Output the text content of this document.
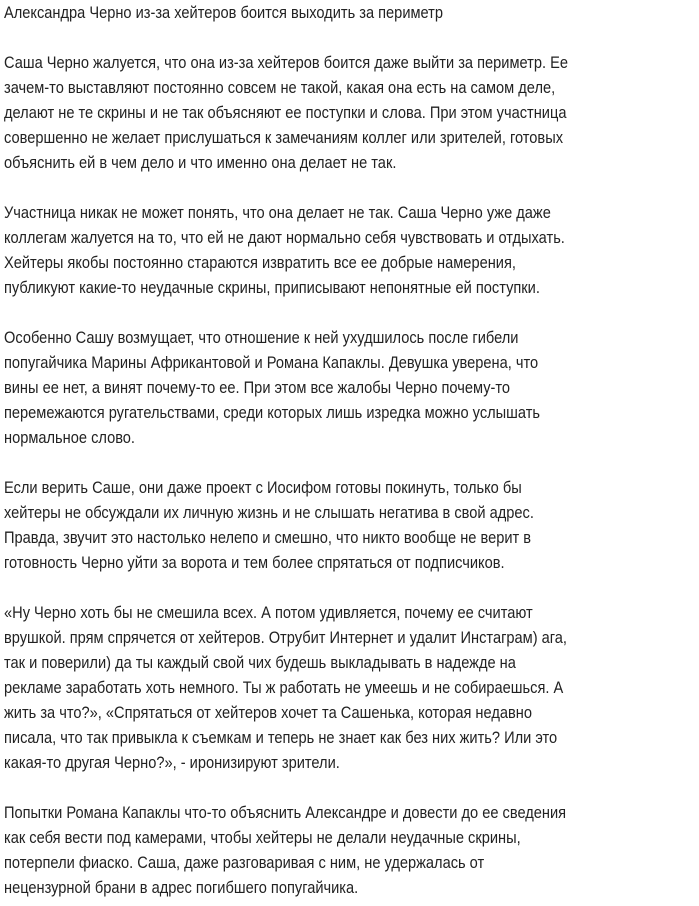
Александра Черно из-за хейтеров боится выходить за периметр
Саша Черно жалуется, что она из-за хейтеров боится даже выйти за периметр. Ее
зачем-то выставляют постоянно совсем не такой, какая она есть на самом деле,
делают не те скрины и не так объясняют ее поступки и слова. При этом участница
совершенно не желает прислушаться к замечаниям коллег или зрителей, готовых
объяснить ей в чем дело и что именно она делает не так.
Участница никак не может понять, что она делает не так. Саша Черно уже даже
коллегам жалуется на то, что ей не дают нормально себя чувствовать и отдыхать.
Хейтеры якобы постоянно стараются извратить все ее добрые намерения,
публикуют какие-то неудачные скрины, приписывают непонятные ей поступки.
Особенно Сашу возмущает, что отношение к ней ухудшилось после гибели
попугайчика Марины Африкантовой и Романа Капаклы. Девушка уверена, что
вины ее нет, а винят почему-то ее. При этом все жалобы Черно почему-то
перемежаются ругательствами, среди которых лишь изредка можно услышать
нормальное слово.
Если верить Саше, они даже проект с Иосифом готовы покинуть, только бы
хейтеры не обсуждали их личную жизнь и не слышать негатива в свой адрес.
Правда, звучит это настолько нелепо и смешно, что никто вообще не верит в
готовность Черно уйти за ворота и тем более спрятаться от подписчиков.
«Ну Черно хоть бы не смешила всех. А потом удивляется, почему ее считают
врушкой. прям спрячется от хейтеров. Отрубит Интернет и удалит Инстаграм) ага,
так и поверили) да ты каждый свой чих будешь выкладывать в надежде на
рекламе заработать хоть немного. Ты ж работать не умеешь и не собираешься. А
жить за что?», «Спрятаться от хейтеров хочет та Сашенька, которая недавно
писала, что так привыкла к съемкам и теперь не знает как без них жить? Или это
какая-то другая Черно?», - иронизируют зрители.
Попытки Романа Капаклы что-то объяснить Александре и довести до ее сведения
как себя вести под камерами, чтобы хейтеры не делали неудачные скрины,
потерпели фиаско. Саша, даже разговаривая с ним, не удержалась от
нецензурной брани в адрес погибшего попугайчика.
